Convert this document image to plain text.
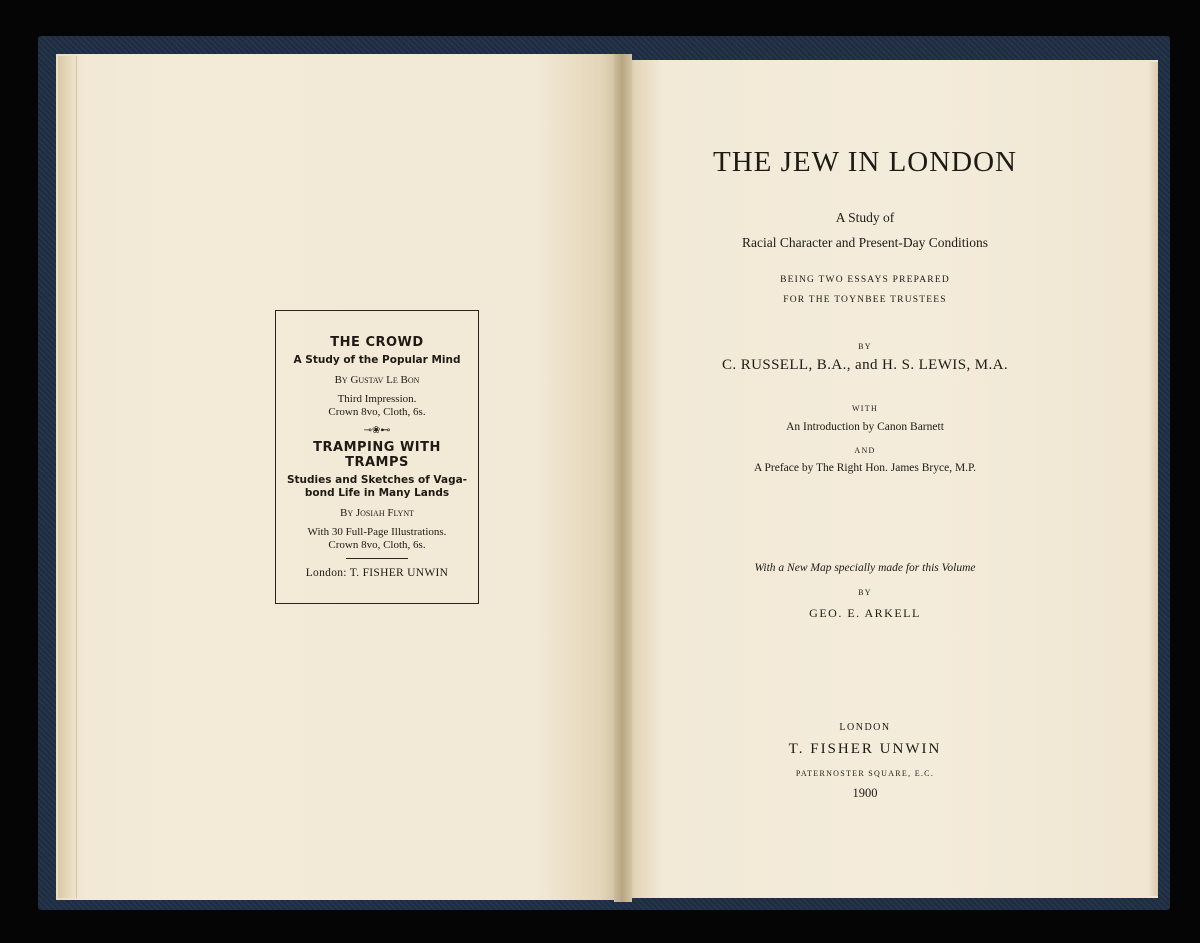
THE CROWD
A Study of the Popular Mind
By Gustav Le Bon
Third Impression.
Crown 8vo, Cloth, 6s.
⊸❀⊷
TRAMPING WITH
TRAMPS
Studies and Sketches of Vaga-
bond Life in Many Lands
By Josiah Flynt
With 30 Full-Page Illustrations.
Crown 8vo, Cloth, 6s.
London: T. FISHER UNWIN
THE JEW IN LONDON
A Study of
Racial Character and Present-Day Conditions
BEING TWO ESSAYS PREPARED
FOR THE TOYNBEE TRUSTEES
BY
C. RUSSELL, B.A., and H. S. LEWIS, M.A.
WITH
An Introduction by Canon Barnett
AND
A Preface by The Right Hon. James Bryce, M.P.
With a New Map specially made for this Volume
BY
GEO. E. ARKELL
LONDON
T. FISHER UNWIN
PATERNOSTER SQUARE, E.C.
1900
